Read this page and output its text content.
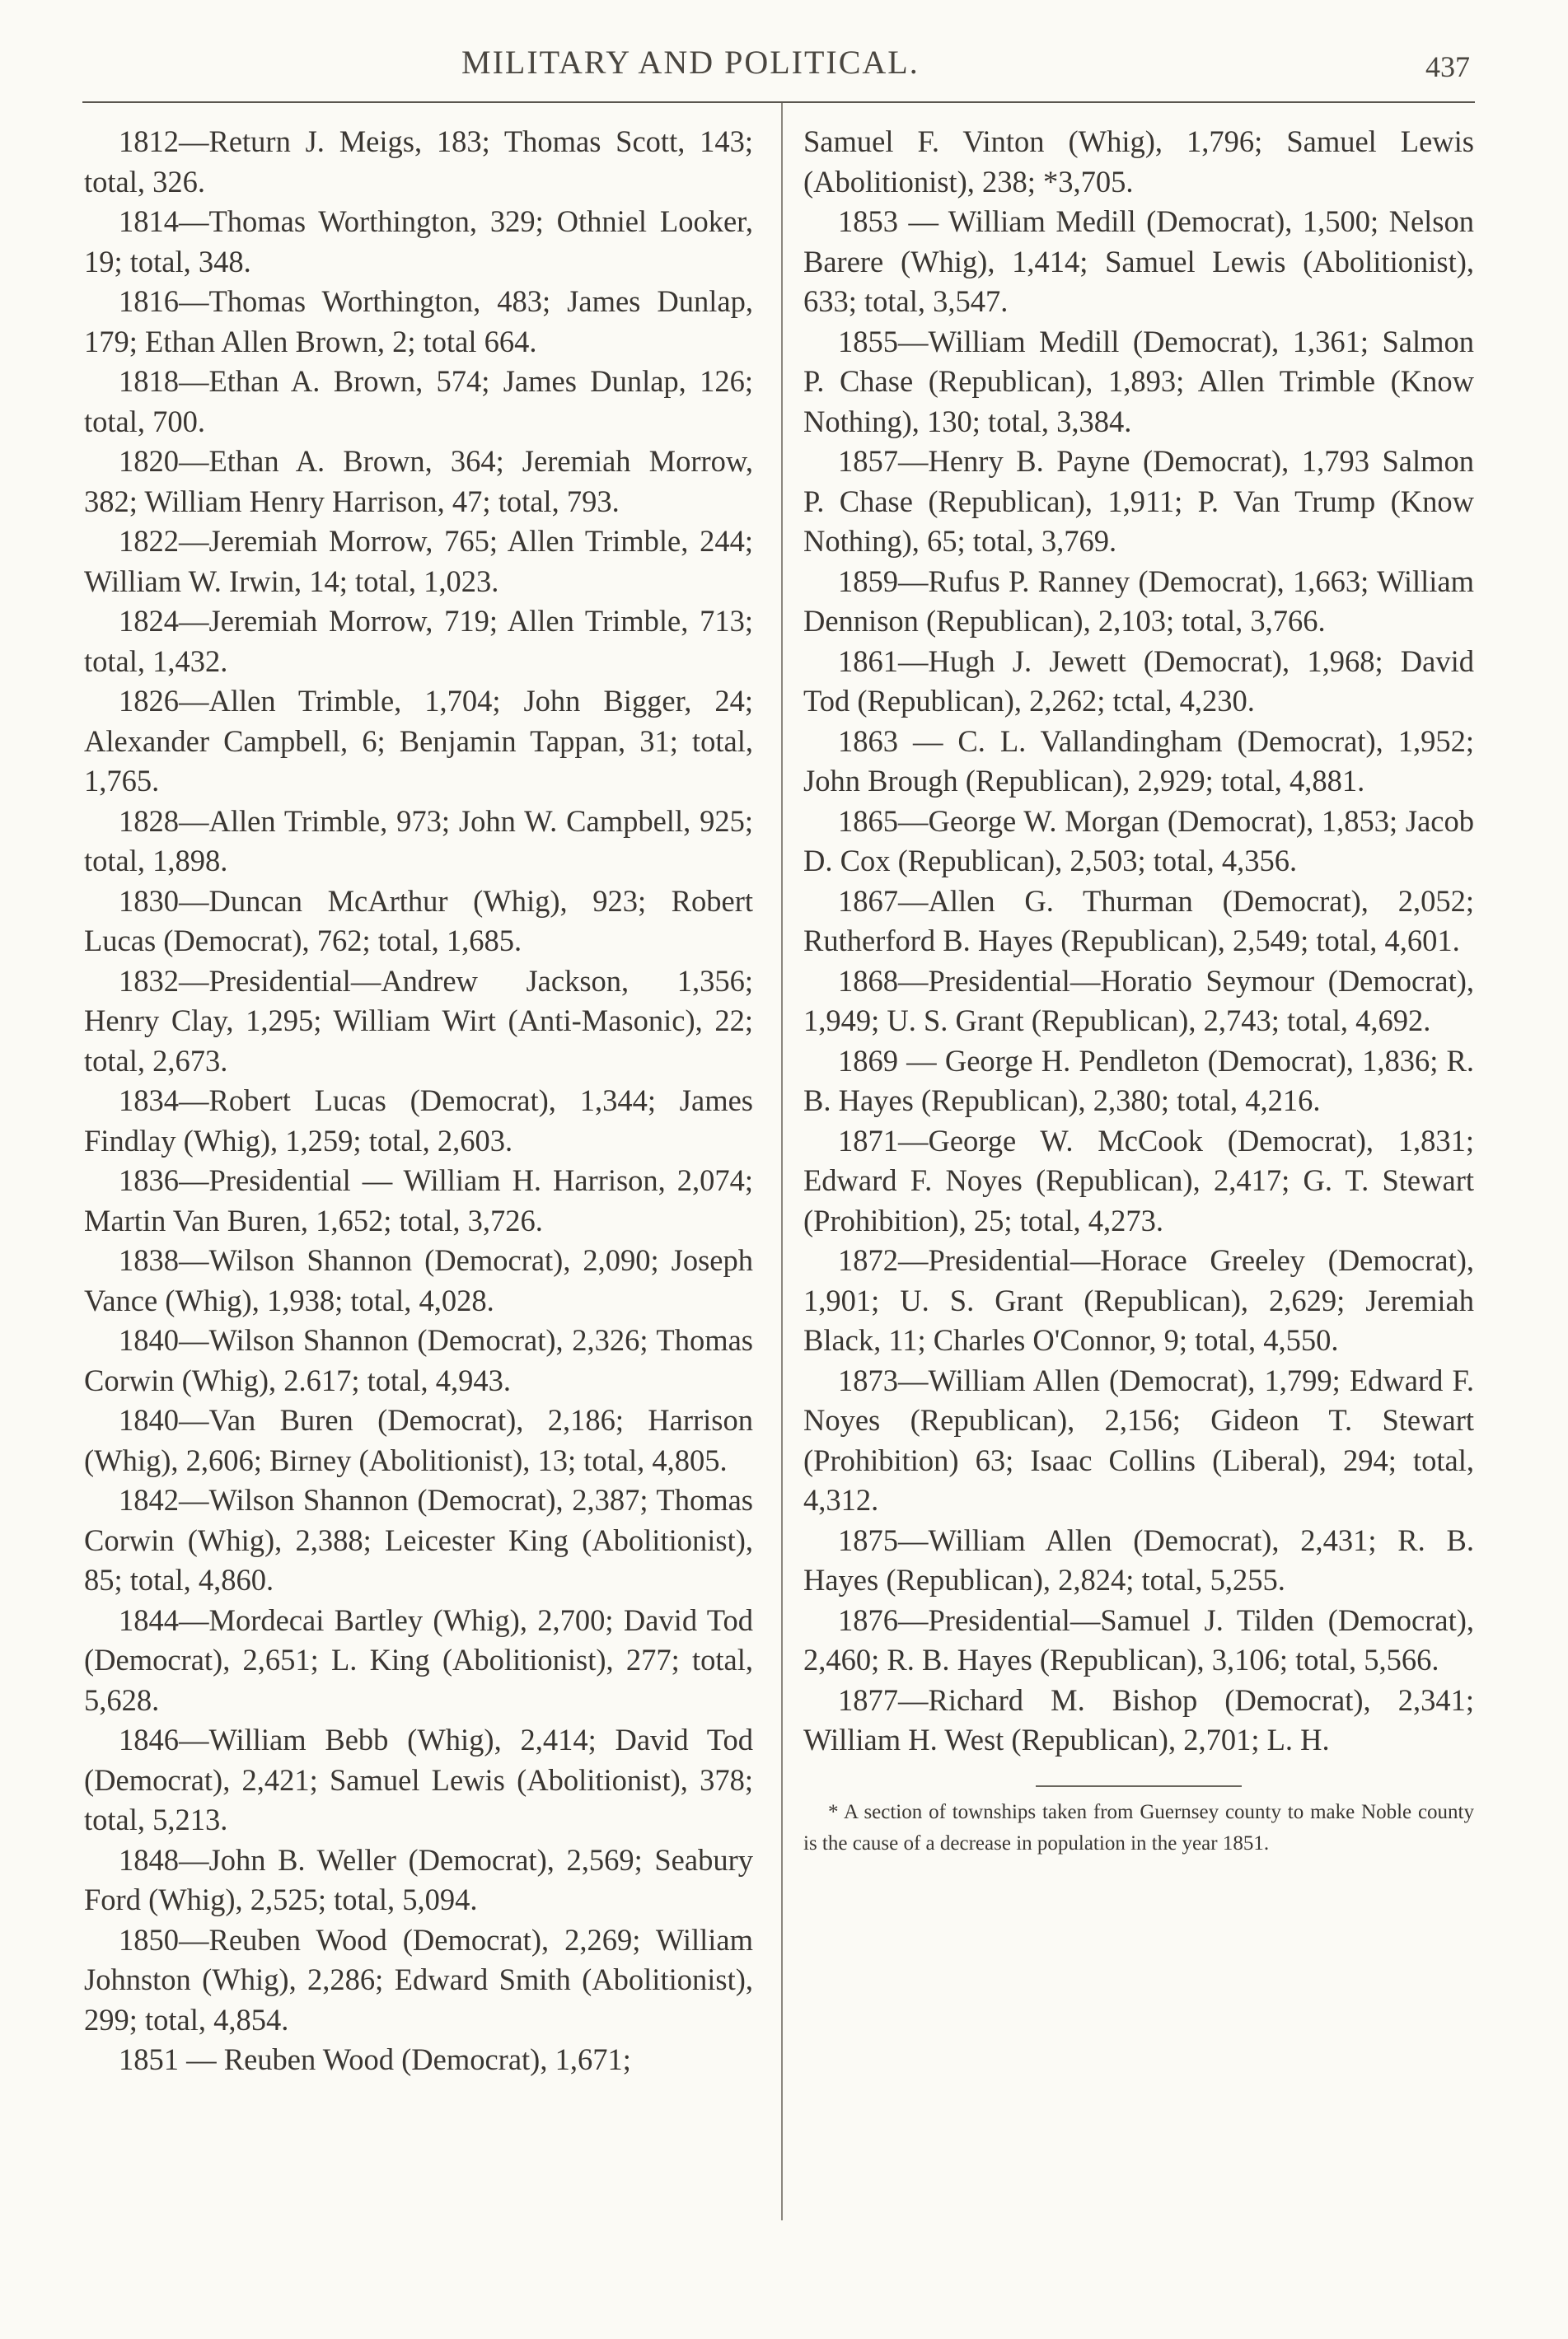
MILITARY AND POLITICAL.	437

1812—Return J. Meigs, 183; Thomas Scott, 143; total, 326.

1814—Thomas Worthington, 329; Othniel Looker, 19; total, 348.

1816—Thomas Worthington, 483; James Dunlap, 179; Ethan Allen Brown, 2; total 664.

1818—Ethan A. Brown, 574; James Dunlap, 126; total, 700.

1820—Ethan A. Brown, 364; Jeremiah Morrow, 382; William Henry Harrison, 47; total, 793.

1822—Jeremiah Morrow, 765; Allen Trimble, 244; William W. Irwin, 14; total, 1,023.

1824—Jeremiah Morrow, 719; Allen Trimble, 713; total, 1,432.

1826—Allen Trimble, 1,704; John Bigger, 24; Alexander Campbell, 6; Benjamin Tappan, 31; total, 1,765.

1828—Allen Trimble, 973; John W. Campbell, 925; total, 1,898.

1830—Duncan McArthur (Whig), 923; Robert Lucas (Democrat), 762; total, 1,685.

1832—Presidential—Andrew Jackson, 1,356; Henry Clay, 1,295; William Wirt (Anti-Masonic), 22; total, 2,673.

1834—Robert Lucas (Democrat), 1,344; James Findlay (Whig), 1,259; total, 2,603.

1836—Presidential — William H. Harrison, 2,074; Martin Van Buren, 1,652; total, 3,726.

1838—Wilson Shannon (Democrat), 2,090; Joseph Vance (Whig), 1,938; total, 4,028.

1840—Wilson Shannon (Democrat), 2,326; Thomas Corwin (Whig), 2.617; total, 4,943.

1840—Van Buren (Democrat), 2,186; Harrison (Whig), 2,606; Birney (Abolitionist), 13; total, 4,805.

1842—Wilson Shannon (Democrat), 2,387; Thomas Corwin (Whig), 2,388; Leicester King (Abolitionist), 85; total, 4,860.

1844—Mordecai Bartley (Whig), 2,700; David Tod (Democrat), 2,651; L. King (Abolitionist), 277; total, 5,628.

1846—William Bebb (Whig), 2,414; David Tod (Democrat), 2,421; Samuel Lewis (Abolitionist), 378; total, 5,213.

1848—John B. Weller (Democrat), 2,569; Seabury Ford (Whig), 2,525; total, 5,094.

1850—Reuben Wood (Democrat), 2,269; William Johnston (Whig), 2,286; Edward Smith (Abolitionist), 299; total, 4,854.

1851 — Reuben Wood (Democrat), 1,671;

Samuel F. Vinton (Whig), 1,796; Samuel Lewis (Abolitionist), 238; *3,705.

1853 — William Medill (Democrat), 1,500; Nelson Barere (Whig), 1,414; Samuel Lewis (Abolitionist), 633; total, 3,547.

1855—William Medill (Democrat), 1,361; Salmon P. Chase (Republican), 1,893; Allen Trimble (Know Nothing), 130; total, 3,384.

1857—Henry B. Payne (Democrat), 1,793 Salmon P. Chase (Republican), 1,911; P. Van Trump (Know Nothing), 65; total, 3,769.

1859—Rufus P. Ranney (Democrat), 1,663; William Dennison (Republican), 2,103; total, 3,766.

1861—Hugh J. Jewett (Democrat), 1,968; David Tod (Republican), 2,262; tctal, 4,230.

1863 — C. L. Vallandingham (Democrat), 1,952; John Brough (Republican), 2,929; total, 4,881.

1865—George W. Morgan (Democrat), 1,853; Jacob D. Cox (Republican), 2,503; total, 4,356.

1867—Allen G. Thurman (Democrat), 2,052; Rutherford B. Hayes (Republican), 2,549; total, 4,601.

1868—Presidential—Horatio Seymour (Democrat), 1,949; U. S. Grant (Republican), 2,743; total, 4,692.

1869 — George H. Pendleton (Democrat), 1,836; R. B. Hayes (Republican), 2,380; total, 4,216.

1871—George W. McCook (Democrat), 1,831; Edward F. Noyes (Republican), 2,417; G. T. Stewart (Prohibition), 25; total, 4,273.

1872—Presidential—Horace Greeley (Democrat), 1,901; U. S. Grant (Republican), 2,629; Jeremiah Black, 11; Charles O'Connor, 9; total, 4,550.

1873—William Allen (Democrat), 1,799; Edward F. Noyes (Republican), 2,156; Gideon T. Stewart (Prohibition) 63; Isaac Collins (Liberal), 294; total, 4,312.

1875—William Allen (Democrat), 2,431; R. B. Hayes (Republican), 2,824; total, 5,255.

1876—Presidential—Samuel J. Tilden (Democrat), 2,460; R. B. Hayes (Republican), 3,106; total, 5,566.

1877—Richard M. Bishop (Democrat), 2,341; William H. West (Republican), 2,701; L. H.

* A section of townships taken from Guernsey county to make Noble county is the cause of a decrease in population in the year 1851.
